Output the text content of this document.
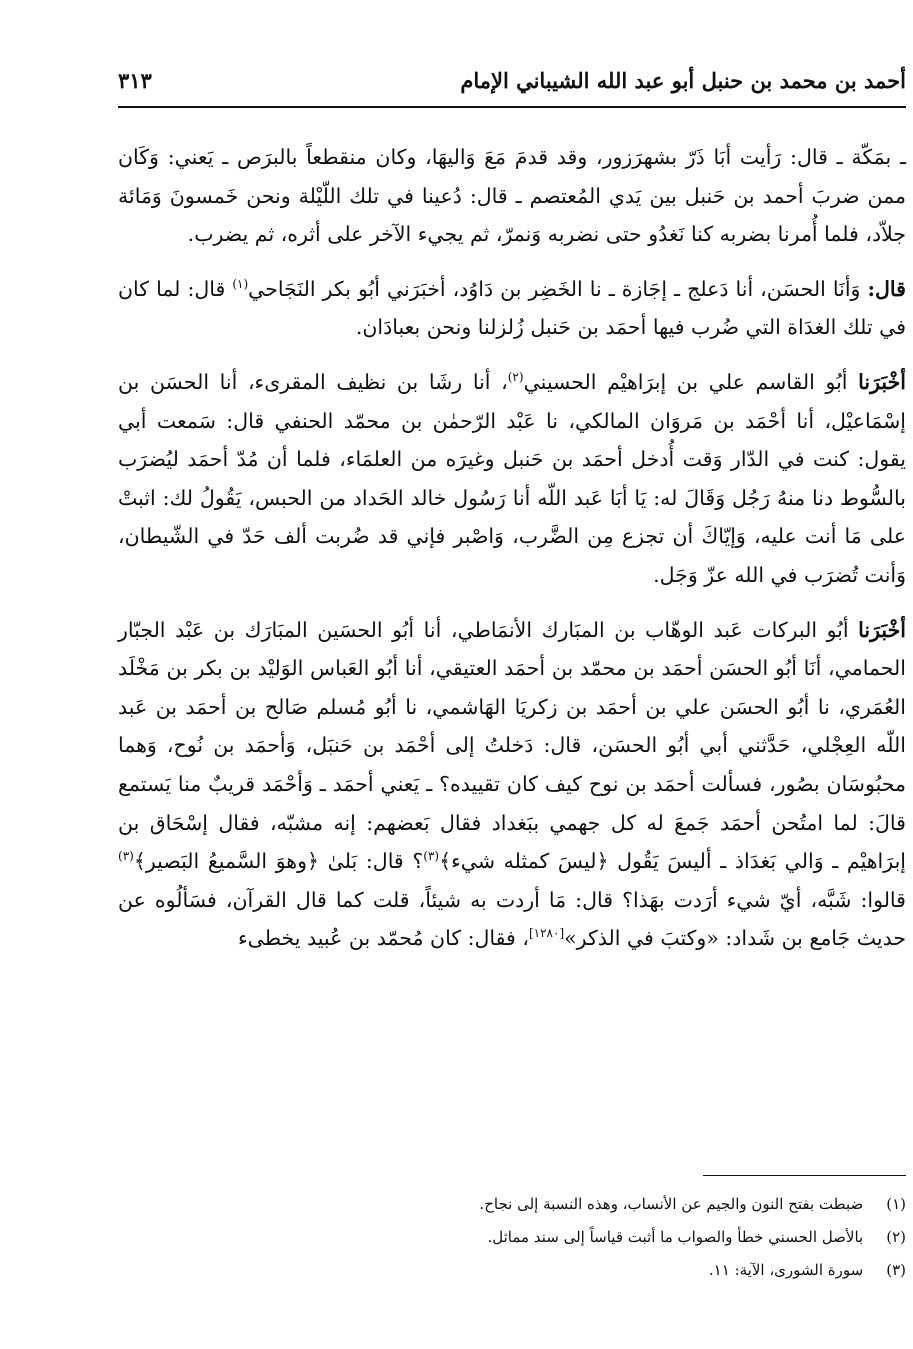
أحمد بن محمد بن حنبل أبو عبد الله الشيباني الإمام
٣١٣

ـ بمَكّة ـ قال: رَأيت أبَا ذَرّ بشهرَزور، وقد قدمَ مَعَ وَاليهَا، وكان منقطعاً بالبرَص ـ يَعني: وَكَان ممن ضربَ أحمد بن حَنبل بين يَدي المُعتصم ـ قال: دُعينا في تلك اللّيْلة ونحن خَمسونَ وَمَائة جلاّد، فلما أُمرنا بضربه كنا نَغدُو حتى نضربه وَنمرّ، ثم يجيء الآخر على أثره، ثم يضرب.

قال: وَأنَا الحسَن، أنا دَعلج ـ إجَازة ـ نا الخَضِر بن دَاوُد، أخبَرَني أبُو بكر النَجَاحي$^{(١)}$ قال: لما كان في تلك الغدَاة التي ضُرب فيها أحمَد بن حَنبل زُلزلنا ونحن بعبادَان.

أخْبَرَنا أبُو القاسم علي بن إبرَاهيْم الحسيني$^{(٢)}$، أنا رشَا بن نظيف المقرىء، أنا الحسَن بن إسْمَاعيْل، أنا أحْمَد بن مَروَان المالكي، نا عَبْد الرّحمٰن بن محمّد الحنفي قال: سَمعت أبي يقول: كنت في الدّار وَقت أُدخل أحمَد بن حَنبل وغيرَه من العلمَاء، فلما أن مُدّ أحمَد ليُضرَب بالسُّوط دنا منهُ رَجُل وَقَالَ له: يَا أبَا عَبد اللّه أنا رَسُول خالد الحَداد من الحبس، يَقُولُ لك: اثبتْ على مَا أنت عليه، وَإيّاكَ أن تجزع مِن الضَّرب، وَاصْبر فإني قد ضُربت ألف حَدّ في الشّيطان، وَأنت تُضرَب في الله عزّ وَجَل.

أخْبَرَنا أبُو البركات عَبد الوهّاب بن المبَارك الأنمَاطي، أنا أبُو الحسَين المبَارَك بن عَبْد الجبّار الحمامي، أنَا أبُو الحسَن أحمَد بن محمّد بن أحمَد العتيقي، أنا أبُو العَباس الوَليْد بن بكر بن مَخْلَد العُمَري، نا أبُو الحسَن علي بن أحمَد بن زكريَا الهَاشمي، نا أبُو مُسلم صَالح بن أحمَد بن عَبد اللّه العِجْلي، حَدَّثني أبي أبُو الحسَن، قال: دَخلتُ إلى أحْمَد بن حَنبَل، وَأحمَد بن نُوح، وَهما محبُوسَان بصُور، فسألت أحمَد بن نوح كيف كان تقييده؟ ـ يَعني أحمَد ـ وَأحْمَد قريبٌ منا يَستمع قالَ: لما امتُحن أحمَد جَمعَ له كل جهمي ببَغداد فقال بَعضهم: إنه مشبّه، فقال إسْحَاق بن إبرَاهيْم ـ وَالي بَغدَاذ ـ أليسَ يَقُول ﴿ليسَ كمثله شيء﴾$^{(٣)}$؟ قال: بَلىٰ ﴿وهوَ السَّميعُ البَصير﴾$^{(٣)}$ قالوا: شَبَّه، أيّ شيء أرَدت بهَذا؟ قال: مَا أردت به شيئاً، قلت كما قال القرآن، فسَألُوه عن حديث جَامع بن شَداد: «وكتبَ في الذكر»[١٢٨٠]، فقال: كان مُحمّد بن عُبيد يخطىء

(١) ضبطت بفتح النون والجيم عن الأنساب، وهذه النسبة إلى نجاح.

(٢) بالأصل الحسني خطأ والصواب ما أثبت قياساً إلى سند مماثل.

(٣) سورة الشورى، الآية: ١١.
